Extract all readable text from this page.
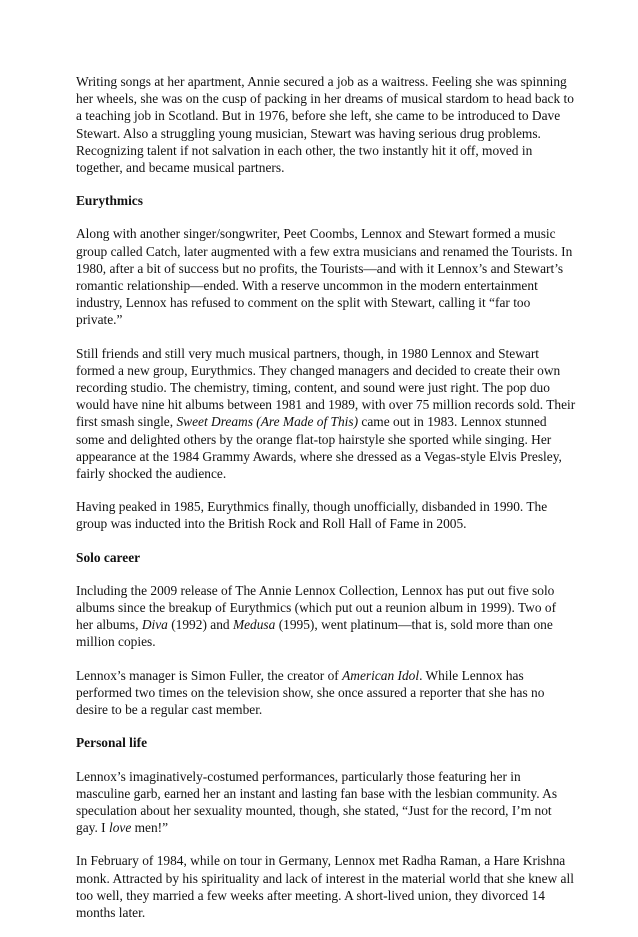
Writing songs at her apartment, Annie secured a job as a waitress. Feeling she was spinning her wheels, she was on the cusp of packing in her dreams of musical stardom to head back to a teaching job in Scotland. But in 1976, before she left, she came to be introduced to Dave Stewart. Also a struggling young musician, Stewart was having serious drug problems. Recognizing talent if not salvation in each other, the two instantly hit it off, moved in together, and became musical partners.

Eurythmics

Along with another singer/songwriter, Peet Coombs, Lennox and Stewart formed a music group called Catch, later augmented with a few extra musicians and renamed the Tourists. In 1980, after a bit of success but no profits, the Tourists—and with it Lennox’s and Stewart’s romantic relationship—ended. With a reserve uncommon in the modern entertainment industry, Lennox has refused to comment on the split with Stewart, calling it “far too private.”

Still friends and still very much musical partners, though, in 1980 Lennox and Stewart formed a new group, Eurythmics. They changed managers and decided to create their own recording studio. The chemistry, timing, content, and sound were just right. The pop duo would have nine hit albums between 1981 and 1989, with over 75 million records sold. Their first smash single, Sweet Dreams (Are Made of This) came out in 1983. Lennox stunned some and delighted others by the orange flat-top hairstyle she sported while singing. Her appearance at the 1984 Grammy Awards, where she dressed as a Vegas-style Elvis Presley, fairly shocked the audience.

Having peaked in 1985, Eurythmics finally, though unofficially, disbanded in 1990. The group was inducted into the British Rock and Roll Hall of Fame in 2005.

Solo career

Including the 2009 release of The Annie Lennox Collection, Lennox has put out five solo albums since the breakup of Eurythmics (which put out a reunion album in 1999). Two of her albums, Diva (1992) and Medusa (1995), went platinum—that is, sold more than one million copies.

Lennox’s manager is Simon Fuller, the creator of American Idol. While Lennox has performed two times on the television show, she once assured a reporter that she has no desire to be a regular cast member.

Personal life

Lennox’s imaginatively-costumed performances, particularly those featuring her in masculine garb, earned her an instant and lasting fan base with the lesbian community. As speculation about her sexuality mounted, though, she stated, “Just for the record, I’m not gay. I love men!”

In February of 1984, while on tour in Germany, Lennox met Radha Raman, a Hare Krishna monk. Attracted by his spirituality and lack of interest in the material world that she knew all too well, they married a few weeks after meeting. A short-lived union, they divorced 14 months later.
